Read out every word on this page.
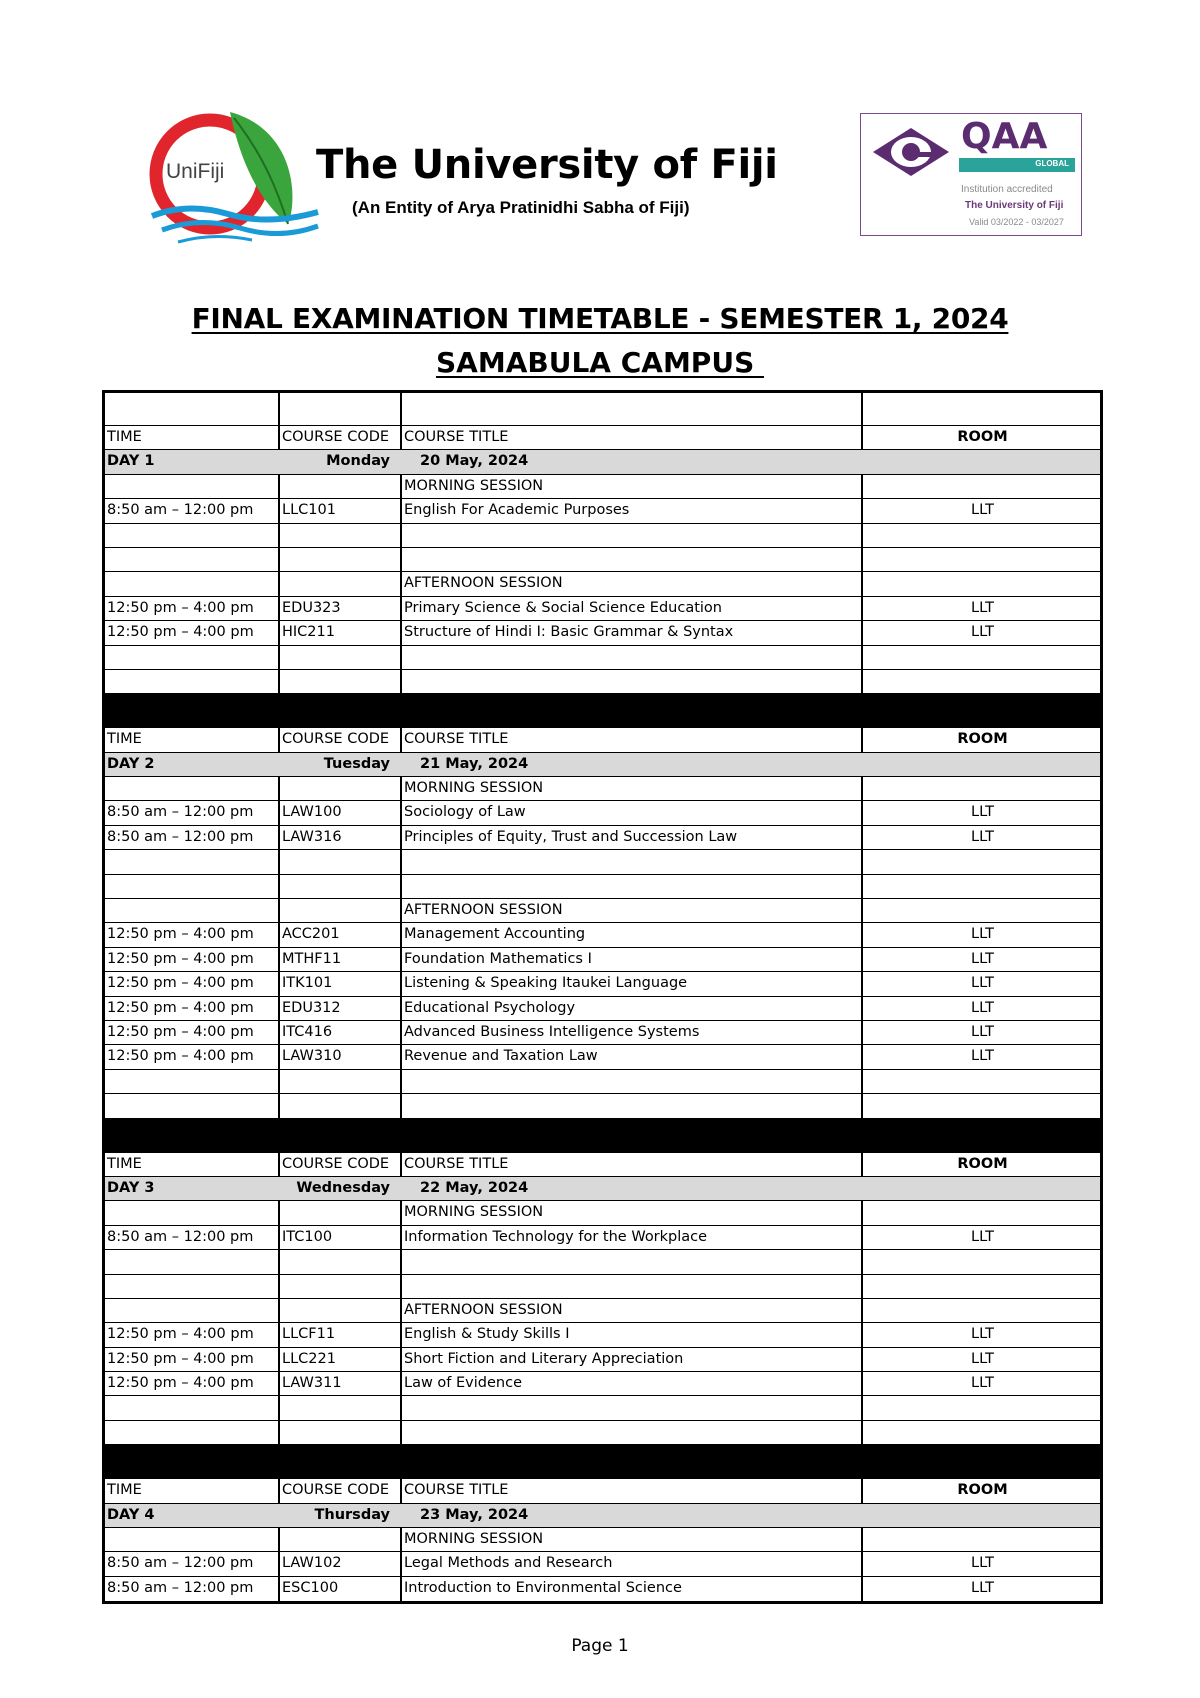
UniFiji The University of Fiji
(An Entity of Arya Pratinidhi Sabha of Fiji)
QAA
GLOBAL
Institution accredited
The University of Fiji
Valid 03/2022 - 03/2027
FINAL EXAMINATION TIMETABLE - SEMESTER 1, 2024
SAMABULA CAMPUS
TIME	COURSE CODE	COURSE TITLE	ROOM
DAY 1	Monday	20 May, 2024
MORNING SESSION
8:50 am – 12:00 pm	LLC101	English For Academic Purposes	LLT
AFTERNOON SESSION
12:50 pm – 4:00 pm	EDU323	Primary Science & Social Science Education	LLT
12:50 pm – 4:00 pm	HIC211	Structure of Hindi I: Basic Grammar & Syntax	LLT
TIME	COURSE CODE	COURSE TITLE	ROOM
DAY 2	Tuesday	21 May, 2024
MORNING SESSION
8:50 am – 12:00 pm	LAW100	Sociology of Law	LLT
8:50 am – 12:00 pm	LAW316	Principles of Equity, Trust and Succession Law	LLT
AFTERNOON SESSION
12:50 pm – 4:00 pm	ACC201	Management Accounting	LLT
12:50 pm – 4:00 pm	MTHF11	Foundation Mathematics I	LLT
12:50 pm – 4:00 pm	ITK101	Listening & Speaking Itaukei Language	LLT
12:50 pm – 4:00 pm	EDU312	Educational Psychology	LLT
12:50 pm – 4:00 pm	ITC416	Advanced Business Intelligence Systems	LLT
12:50 pm – 4:00 pm	LAW310	Revenue and Taxation Law	LLT
TIME	COURSE CODE	COURSE TITLE	ROOM
DAY 3	Wednesday	22 May, 2024
MORNING SESSION
8:50 am – 12:00 pm	ITC100	Information Technology for the Workplace	LLT
AFTERNOON SESSION
12:50 pm – 4:00 pm	LLCF11	English & Study Skills I	LLT
12:50 pm – 4:00 pm	LLC221	Short Fiction and Literary Appreciation	LLT
12:50 pm – 4:00 pm	LAW311	Law of Evidence	LLT
TIME	COURSE CODE	COURSE TITLE	ROOM
DAY 4	Thursday	23 May, 2024
MORNING SESSION
8:50 am – 12:00 pm	LAW102	Legal Methods and Research	LLT
8:50 am – 12:00 pm	ESC100	Introduction to Environmental Science	LLT
Page 1
